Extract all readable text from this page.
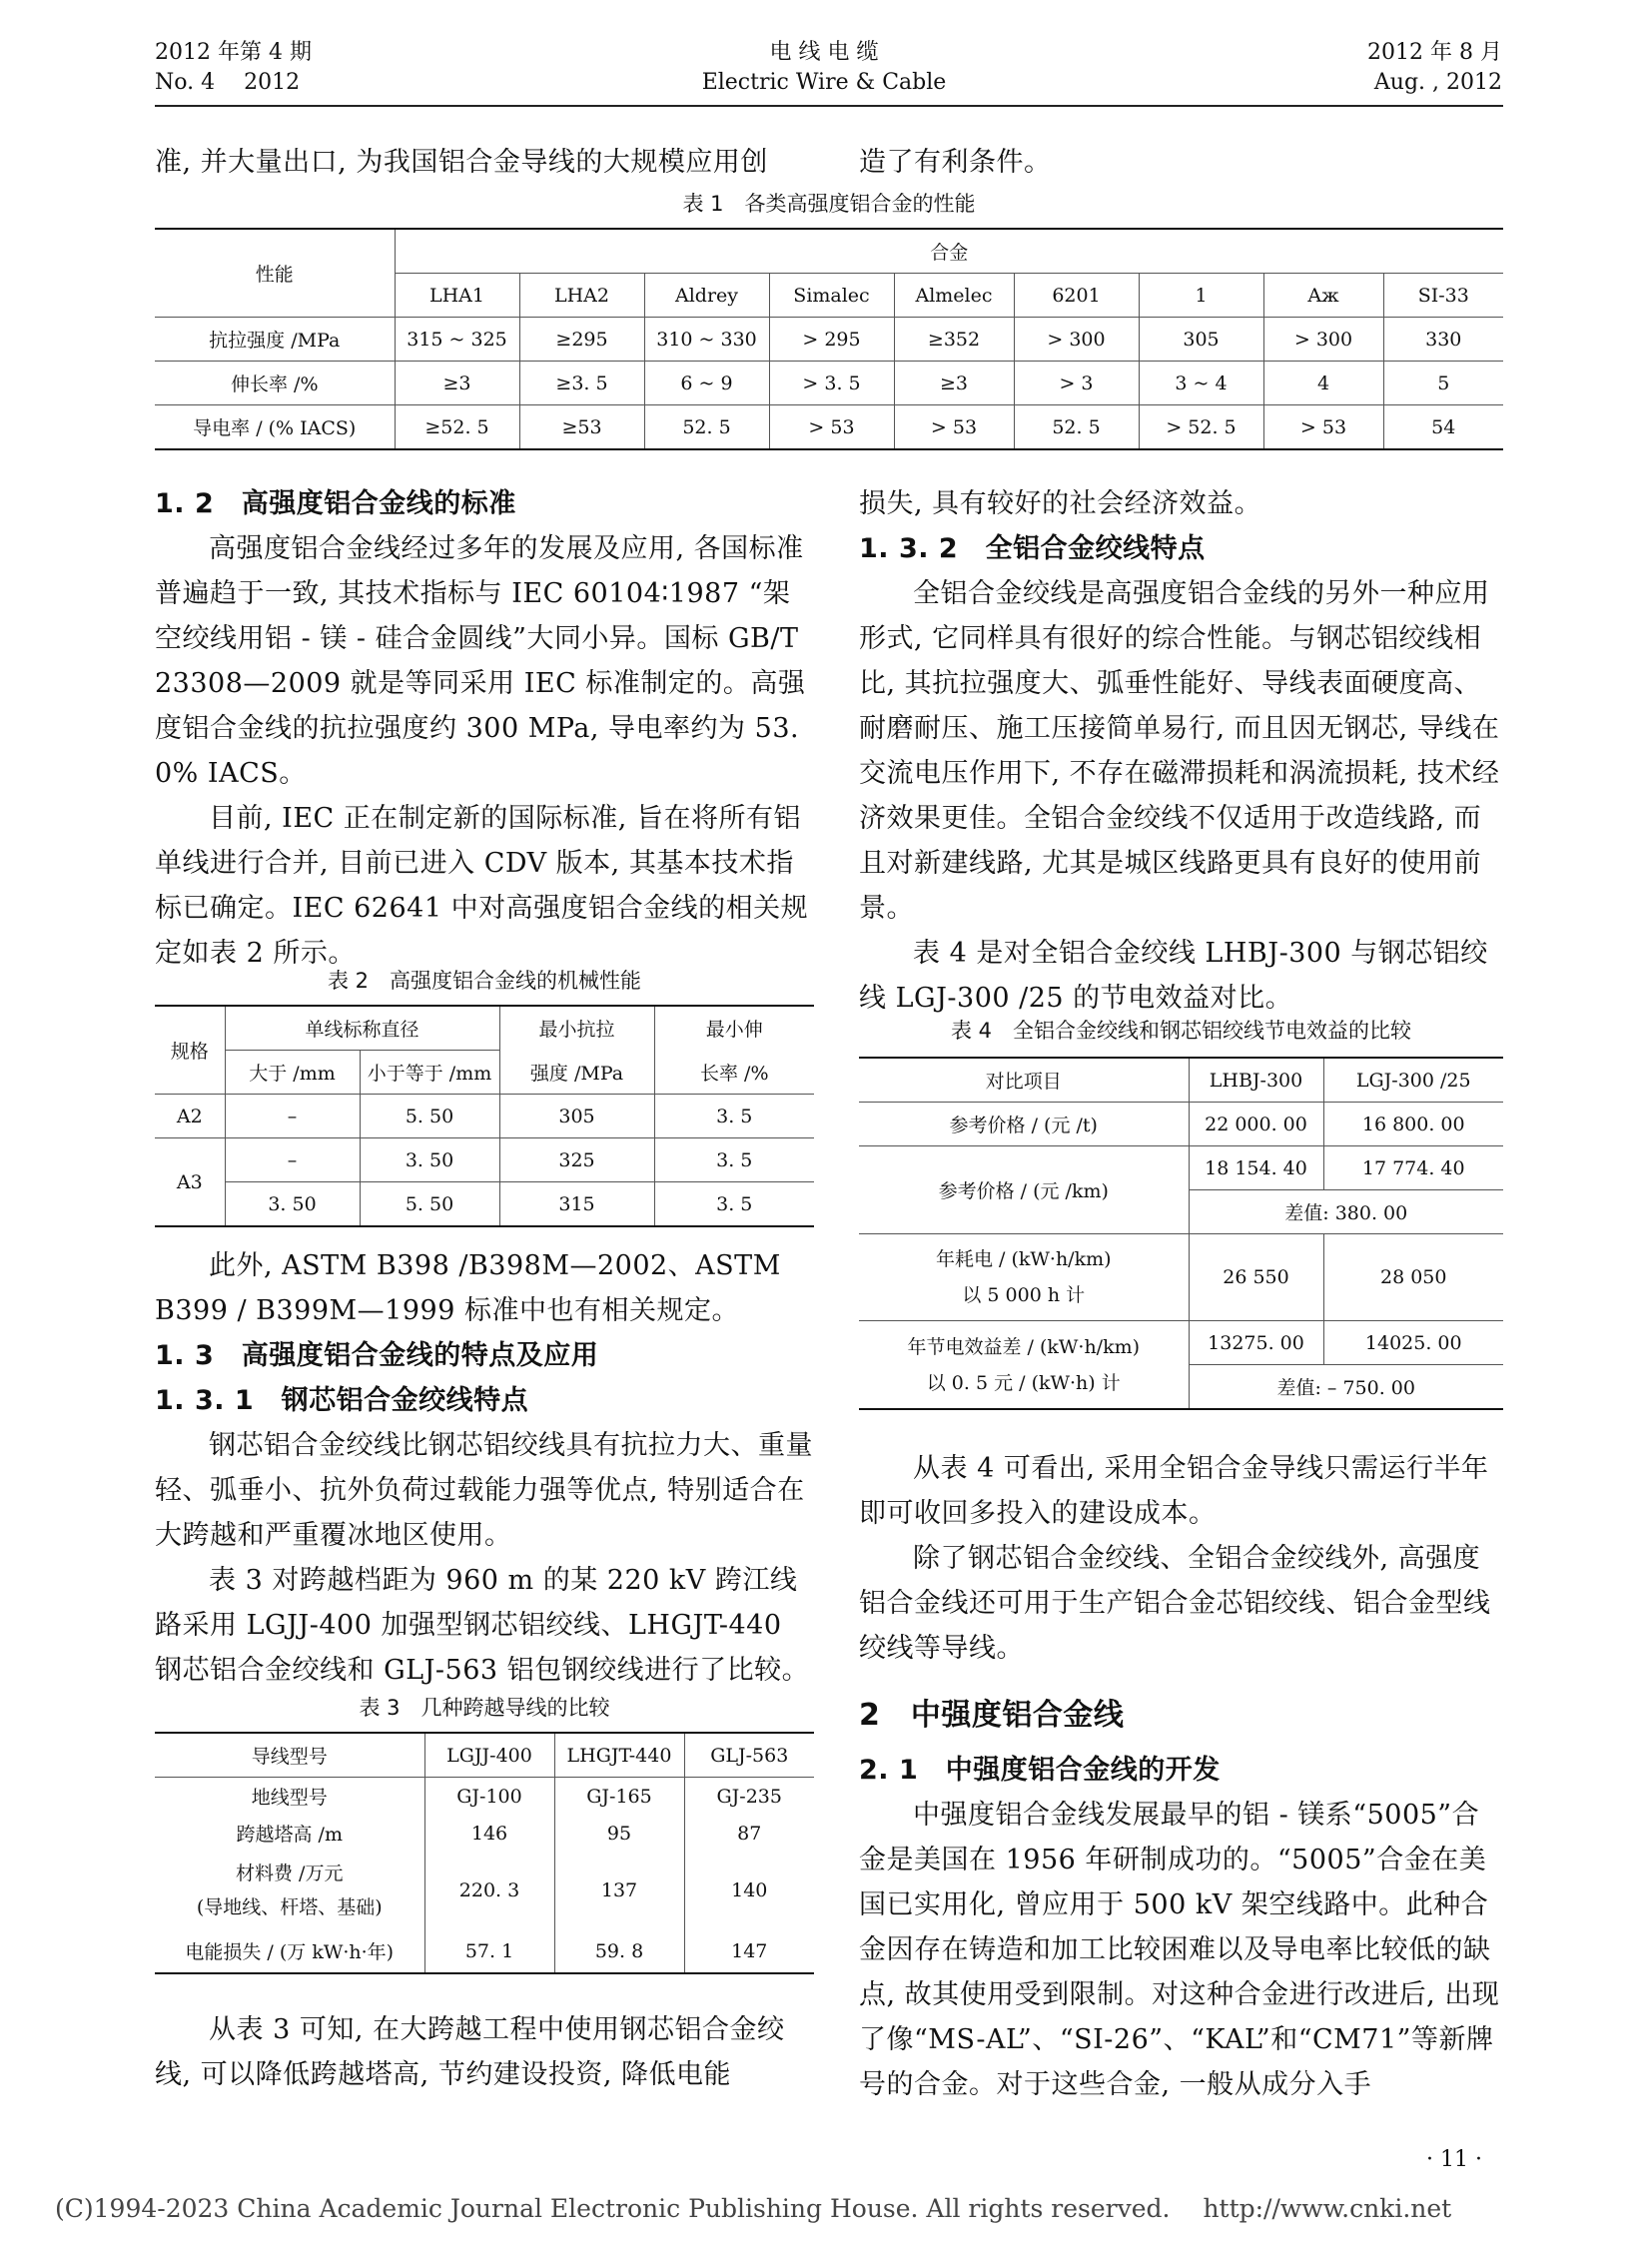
2012 年第 4 期
No. 4　 2012
电 线 电 缆
Electric Wire & Cable
2012 年 8 月
Aug. , 2012
准, 并大量出口, 为我国铝合金导线的大规模应用创	造了有利条件。
表 1　各类高强度铝合金的性能
性能	合金								
	LHA1	LHA2	Aldrey	Simalec	Almelec	6201	1	Aж	SI-33
抗拉强度 /MPa	315 ~ 325	≥295	310 ~ 330	> 295	≥352	> 300	305	> 300	330
伸长率 /%	≥3	≥3. 5	6 ~ 9	> 3. 5	≥3	> 3	3 ~ 4	4	5
导电率 / (% IACS)	≥52. 5	≥53	52. 5	> 53	> 53	52. 5	> 52. 5	> 53	54
1. 2　高强度铝合金线的标准

高强度铝合金线经过多年的发展及应用, 各国标准普遍趋于一致, 其技术指标与 IEC 60104∶1987 “架空绞线用铝 - 镁 - 硅合金圆线”大同小异。国标 GB/T 23308—2009 就是等同采用 IEC 标准制定的。高强度铝合金线的抗拉强度约 300 MPa, 导电率约为 53. 0% IACS。

目前, IEC 正在制定新的国际标准, 旨在将所有铝单线进行合并, 目前已进入 CDV 版本, 其基本技术指标已确定。IEC 62641 中对高强度铝合金线的相关规定如表 2 所示。

表 2　高强度铝合金线的机械性能
规格	单线标称直径		最小抗拉	最小伸
	大于 /mm	小于等于 /mm	强度 /MPa	长率 /%
A2	–	5. 50	305	3. 5
A3	–	3. 50	325	3. 5
	3. 50	5. 50	315	3. 5

此外, ASTM B398 /B398M—2002、ASTM B399 / B399M—1999 标准中也有相关规定。

1. 3　高强度铝合金线的特点及应用
1. 3. 1　钢芯铝合金绞线特点

钢芯铝合金绞线比钢芯铝绞线具有抗拉力大、重量轻、弧垂小、抗外负荷过载能力强等优点, 特别适合在大跨越和严重覆冰地区使用。

表 3 对跨越档距为 960 m 的某 220 kV 跨江线路采用 LGJJ-400 加强型钢芯铝绞线、LHGJT-440 钢芯铝合金绞线和 GLJ-563 铝包钢绞线进行了比较。

表 3　几种跨越导线的比较
导线型号	LGJJ-400	LHGJT-440	GLJ-563
地线型号	GJ-100	GJ-165	GJ-235
跨越塔高 /m	146	95	87

材料费 /万元
(导地线、杆塔、基础)	220. 3	137	140
电能损失 / (万 kW·h·年)	57. 1	59. 8	147

从表 3 可知, 在大跨越工程中使用钢芯铝合金绞线, 可以降低跨越塔高, 节约建设投资, 降低电能

损失, 具有较好的社会经济效益。

1. 3. 2　全铝合金绞线特点

全铝合金绞线是高强度铝合金线的另外一种应用形式, 它同样具有很好的综合性能。与钢芯铝绞线相比, 其抗拉强度大、弧垂性能好、导线表面硬度高、耐磨耐压、施工压接简单易行, 而且因无钢芯, 导线在交流电压作用下, 不存在磁滞损耗和涡流损耗, 技术经济效果更佳。全铝合金绞线不仅适用于改造线路, 而且对新建线路, 尤其是城区线路更具有良好的使用前景。

表 4 是对全铝合金绞线 LHBJ-300 与钢芯铝绞线 LGJ-300 /25 的节电效益对比。

表 4　全铝合金绞线和钢芯铝绞线节电效益的比较
对比项目	LHBJ-300	LGJ-300 /25
参考价格 / (元 /t)	22 000. 00	16 800. 00
参考价格 / (元 /km)	18 154. 40	17 774. 40
	差值: 380. 00	

年耗电 / (kW·h/km)
以 5 000 h 计	26 550	28 050

年节电效益差 / (kW·h/km)
以 0. 5 元 / (kW·h) 计	13275. 00	14025. 00
	差值: – 750. 00	

从表 4 可看出, 采用全铝合金导线只需运行半年即可收回多投入的建设成本。

除了钢芯铝合金绞线、全铝合金绞线外, 高强度铝合金线还可用于生产铝合金芯铝绞线、铝合金型线绞线等导线。

2　中强度铝合金线
2. 1　中强度铝合金线的开发

中强度铝合金线发展最早的铝 - 镁系“5005”合金是美国在 1956 年研制成功的。“5005”合金在美国已实用化, 曾应用于 500 kV 架空线路中。此种合金因存在铸造和加工比较困难以及导电率比较低的缺点, 故其使用受到限制。对这种合金进行改进后, 出现了像“MS-AL”、“SI-26”、“KAL”和“CM71”等新牌号的合金。对于这些合金, 一般从成分入手

· 11 ·
(C)1994-2023 China Academic Journal Electronic Publishing House. All rights reserved.　 http://www.cnki.net
